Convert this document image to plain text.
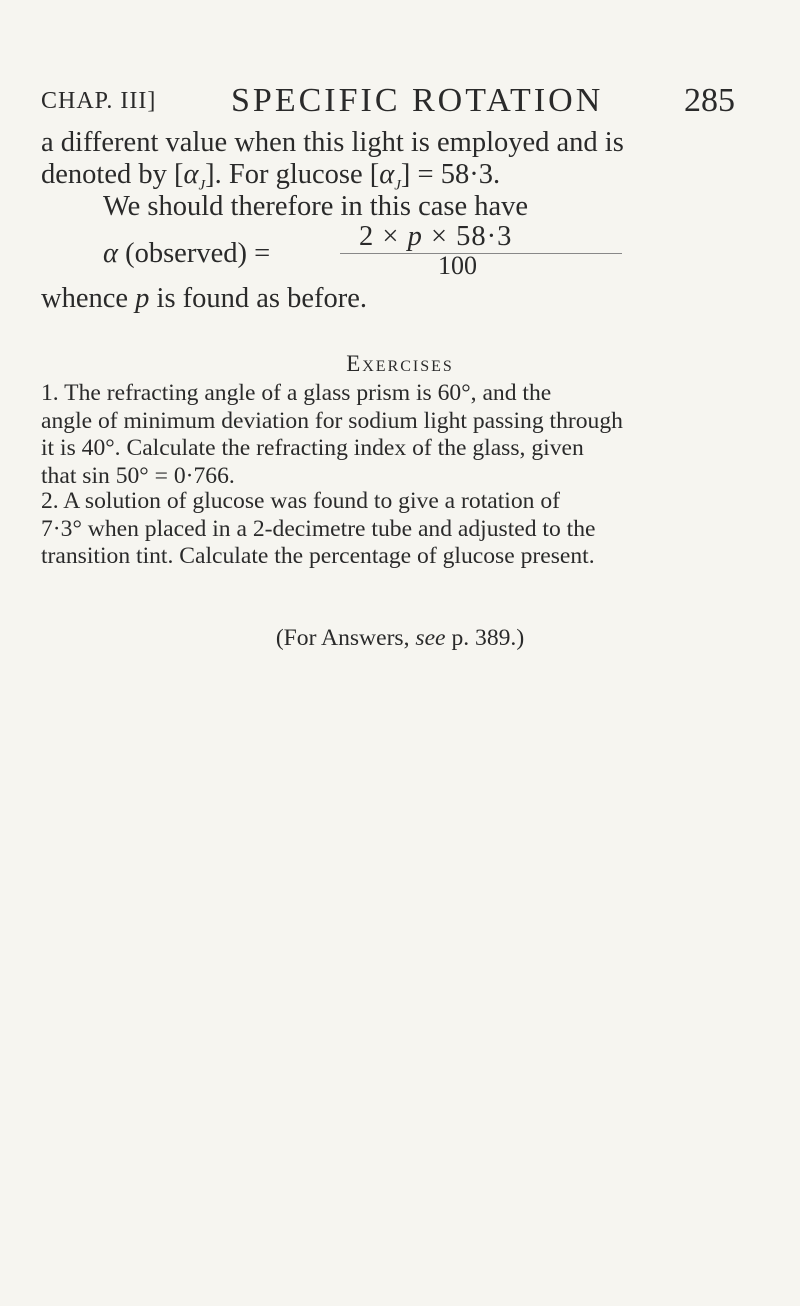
CHAP. III] SPECIFIC ROTATION 285
a different value when this light is employed and is
denoted by $[\alpha_J]$. For glucose $[\alpha_J] = 58\cdot 3$.
We should therefore in this case have
α (observed) =
2 × p × 58·3
100
whence p is found as before.
Exercises
1. The refracting angle of a glass prism is 60°, and the
angle of minimum deviation for sodium light passing through
it is 40°. Calculate the refracting index of the glass, given
that sin 50° = 0·766.
2. A solution of glucose was found to give a rotation of
7·3° when placed in a 2-decimetre tube and adjusted to the
transition tint. Calculate the percentage of glucose present.
(For Answers, see p. 389.)
